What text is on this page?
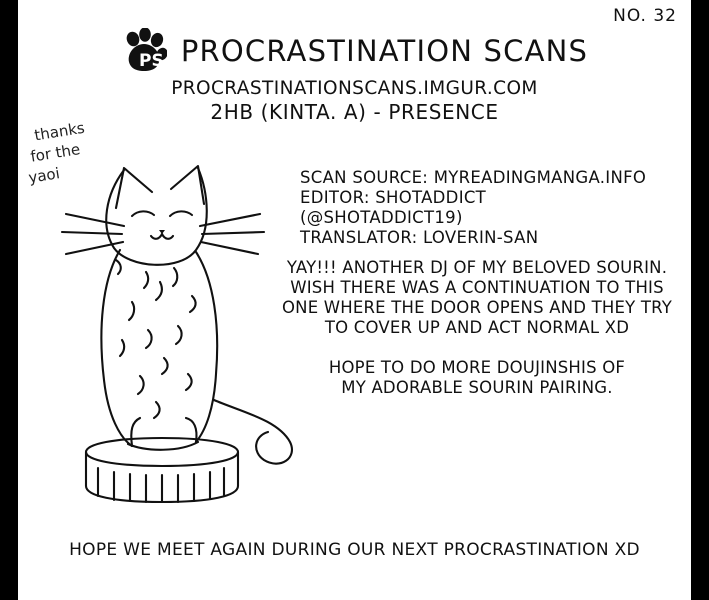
NO. 32
PS PROCRASTINATION SCANS
PROCRASTINATIONSCANS.IMGUR.COM
2HB (KINTA. A) - PRESENCE
SCAN SOURCE: MYREADINGMANGA.INFO
EDITOR: SHOTADDICT
(@SHOTADDICT19)
TRANSLATOR: LOVERIN-SAN
YAY!!! ANOTHER DJ OF MY BELOVED SOURIN.
WISH THERE WAS A CONTINUATION TO THIS
ONE WHERE THE DOOR OPENS AND THEY TRY
TO COVER UP AND ACT NORMAL XD
HOPE TO DO MORE DOUJINSHIS OF
MY ADORABLE SOURIN PAIRING.
thanks
for the
yaoi
HOPE WE MEET AGAIN DURING OUR NEXT PROCRASTINATION XD
